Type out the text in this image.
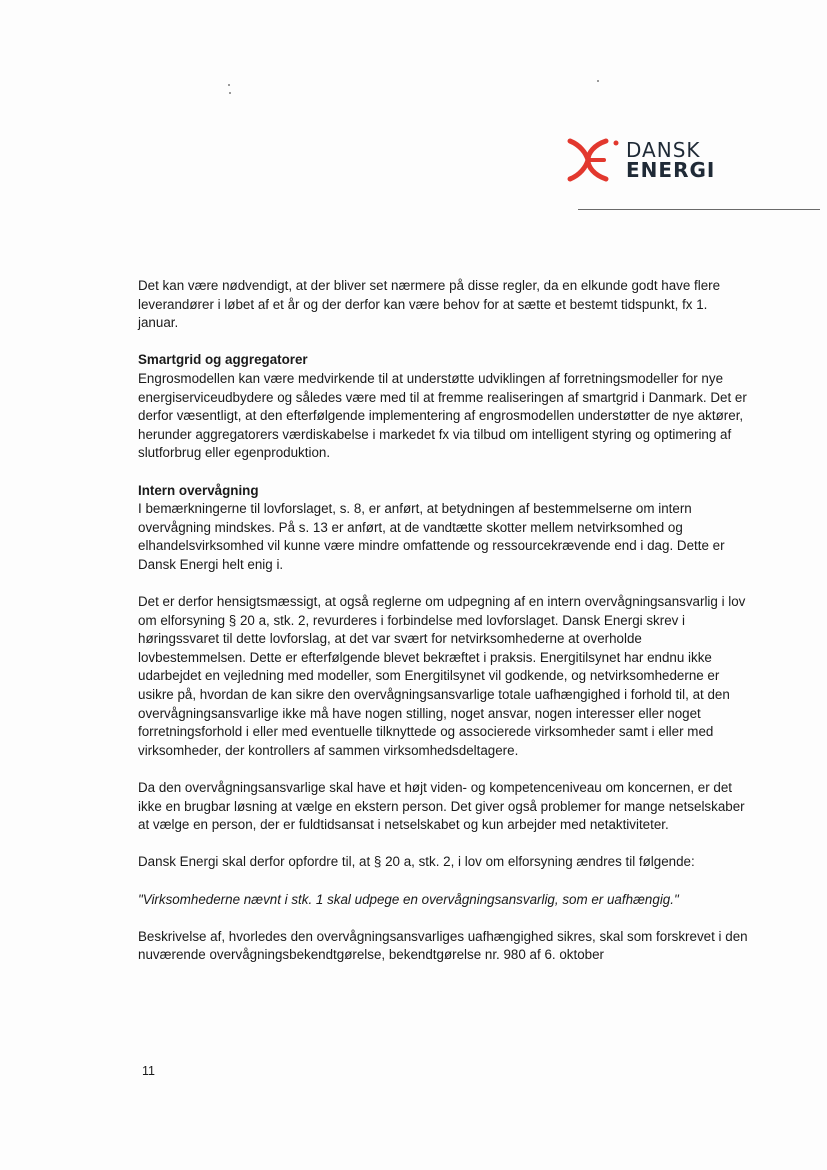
DANSK
ENERGI

Det kan være nødvendigt, at der bliver set nærmere på disse regler, da en elkunde godt have flere leverandører i løbet af et år og der derfor kan være behov for at sætte et bestemt tidspunkt, fx 1. januar.

Smartgrid og aggregatorer

Engrosmodellen kan være medvirkende til at understøtte udviklingen af forretningsmodeller for nye energiserviceudbydere og således være med til at fremme realiseringen af smartgrid i Danmark. Det er derfor væsentligt, at den efterfølgende implementering af engrosmodellen understøtter de nye aktører, herunder aggregatorers værdiskabelse i markedet fx via tilbud om intelligent styring og optimering af slutforbrug eller egenproduktion.

Intern overvågning

I bemærkningerne til lovforslaget, s. 8, er anført, at betydningen af bestemmelserne om intern overvågning mindskes. På s. 13 er anført, at de vandtætte skotter mellem netvirksomhed og elhandelsvirksomhed vil kunne være mindre omfattende og ressourcekrævende end i dag. Dette er Dansk Energi helt enig i.

Det er derfor hensigtsmæssigt, at også reglerne om udpegning af en intern overvågningsansvarlig i lov om elforsyning § 20 a, stk. 2, revurderes i forbindelse med lovforslaget. Dansk Energi skrev i høringssvaret til dette lovforslag, at det var svært for netvirksomhederne at overholde lovbestemmelsen. Dette er efterfølgende blevet bekræftet i praksis. Energitilsynet har endnu ikke udarbejdet en vejledning med modeller, som Energitilsynet vil godkende, og netvirksomhederne er usikre på, hvordan de kan sikre den overvågningsansvarlige totale uafhængighed i forhold til, at den overvågningsansvarlige ikke må have nogen stilling, noget ansvar, nogen interesser eller noget forretningsforhold i eller med eventuelle tilknyttede og associerede virksomheder samt i eller med virksomheder, der kontrollers af sammen virksomhedsdeltagere.

Da den overvågningsansvarlige skal have et højt viden- og kompetenceniveau om koncernen, er det ikke en brugbar løsning at vælge en ekstern person. Det giver også problemer for mange netselskaber at vælge en person, der er fuldtidsansat i netselskabet og kun arbejder med netaktiviteter.

Dansk Energi skal derfor opfordre til, at § 20 a, stk. 2, i lov om elforsyning ændres til følgende:

"Virksomhederne nævnt i stk. 1 skal udpege en overvågningsansvarlig, som er uafhængig."

Beskrivelse af, hvorledes den overvågningsansvarliges uafhængighed sikres, skal som forskrevet i den nuværende overvågningsbekendtgørelse, bekendtgørelse nr. 980 af 6. oktober

11
